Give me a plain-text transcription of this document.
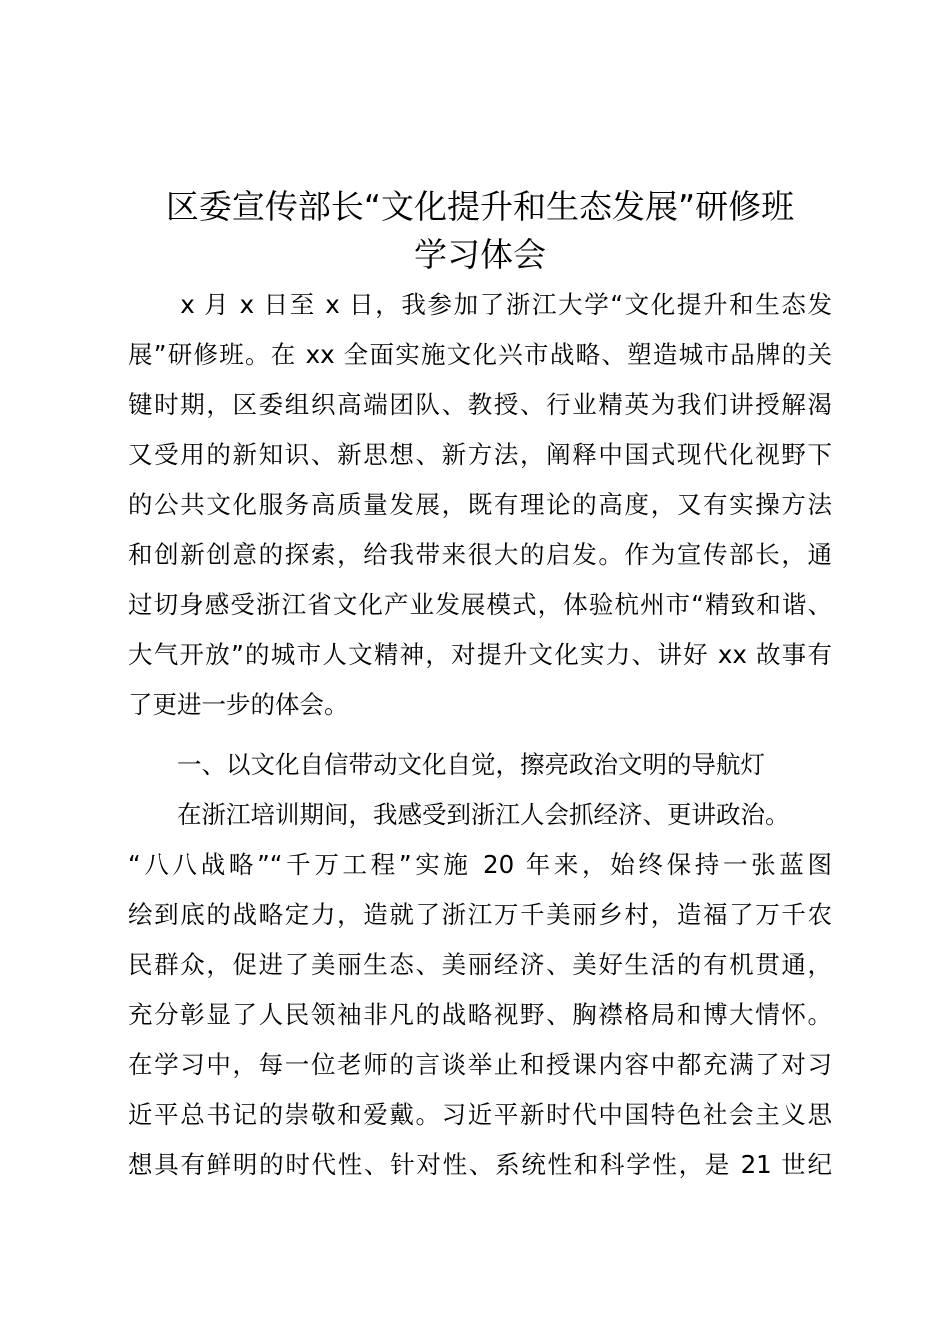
区委宣传部长“文化提升和生态发展”研修班
学习体会
　　x 月 x 日至 x 日，我参加了浙江大学“文化提升和生态发
展”研修班。在 xx 全面实施文化兴市战略、塑造城市品牌的关
键时期，区委组织高端团队、教授、行业精英为我们讲授解渴
又受用的新知识、新思想、新方法，阐释中国式现代化视野下
的公共文化服务高质量发展，既有理论的高度，又有实操方法
和创新创意的探索，给我带来很大的启发。作为宣传部长，通
过切身感受浙江省文化产业发展模式，体验杭州市“精致和谐、
大气开放”的城市人文精神，对提升文化实力、讲好 xx 故事有
了更进一步的体会。
　　一、以文化自信带动文化自觉，擦亮政治文明的导航灯
　　在浙江培训期间，我感受到浙江人会抓经济、更讲政治。
“八八战略”“千万工程”实施 20 年来，始终保持一张蓝图
绘到底的战略定力，造就了浙江万千美丽乡村，造福了万千农
民群众，促进了美丽生态、美丽经济、美好生活的有机贯通，
充分彰显了人民领袖非凡的战略视野、胸襟格局和博大情怀。
在学习中，每一位老师的言谈举止和授课内容中都充满了对习
近平总书记的崇敬和爱戴。习近平新时代中国特色社会主义思
想具有鲜明的时代性、针对性、系统性和科学性，是 21 世纪
